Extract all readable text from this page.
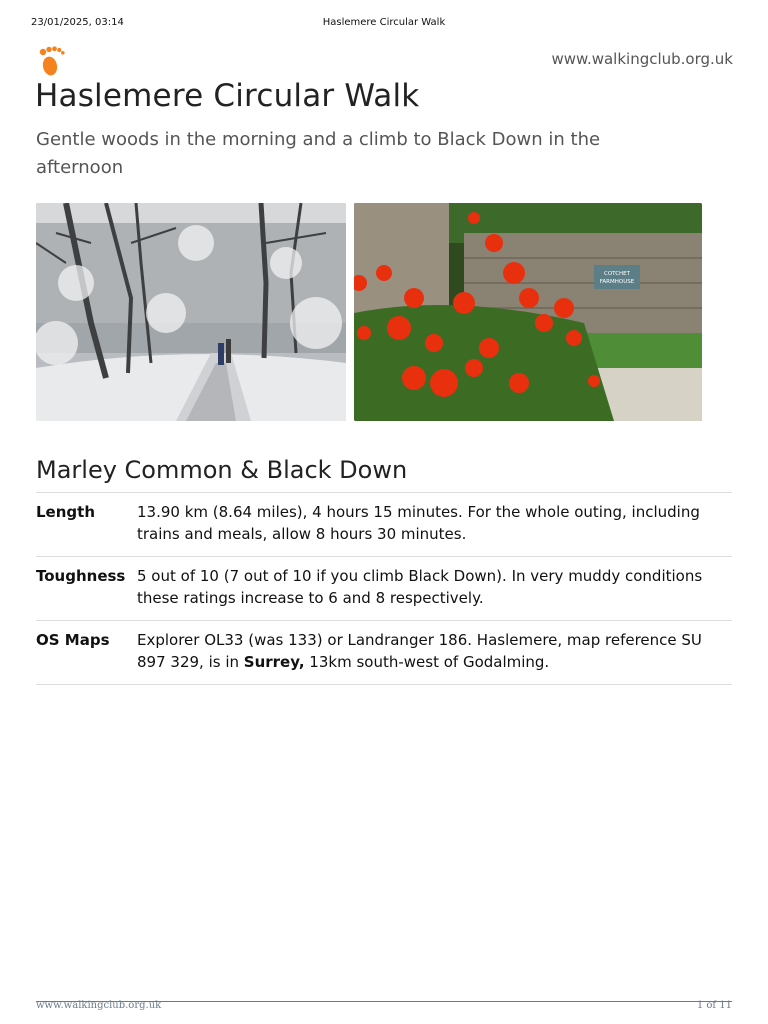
23/01/2025, 03:14	Haslemere Circular Walk
www.walkingclub.org.uk
Haslemere Circular Walk

Gentle woods in the morning and a climb to Black Down in the afternoon

COTCHET
FARMHOUSE
Marley Common & Black Down
Length	13.90 km (8.64 miles), 4 hours 15 minutes. For the whole outing, including trains and meals, allow 8 hours 30 minutes.
Toughness 5 out of 10 (7 out of 10 if you climb Black Down). In very muddy conditions these ratings increase to 6 and 8 respectively.
OS Maps	Explorer OL33 (was 133) or Landranger 186. Haslemere, map reference SU 897 329, is in Surrey, 13km south-west of Godalming.
www.walkingclub.org.uk	1 of 11
